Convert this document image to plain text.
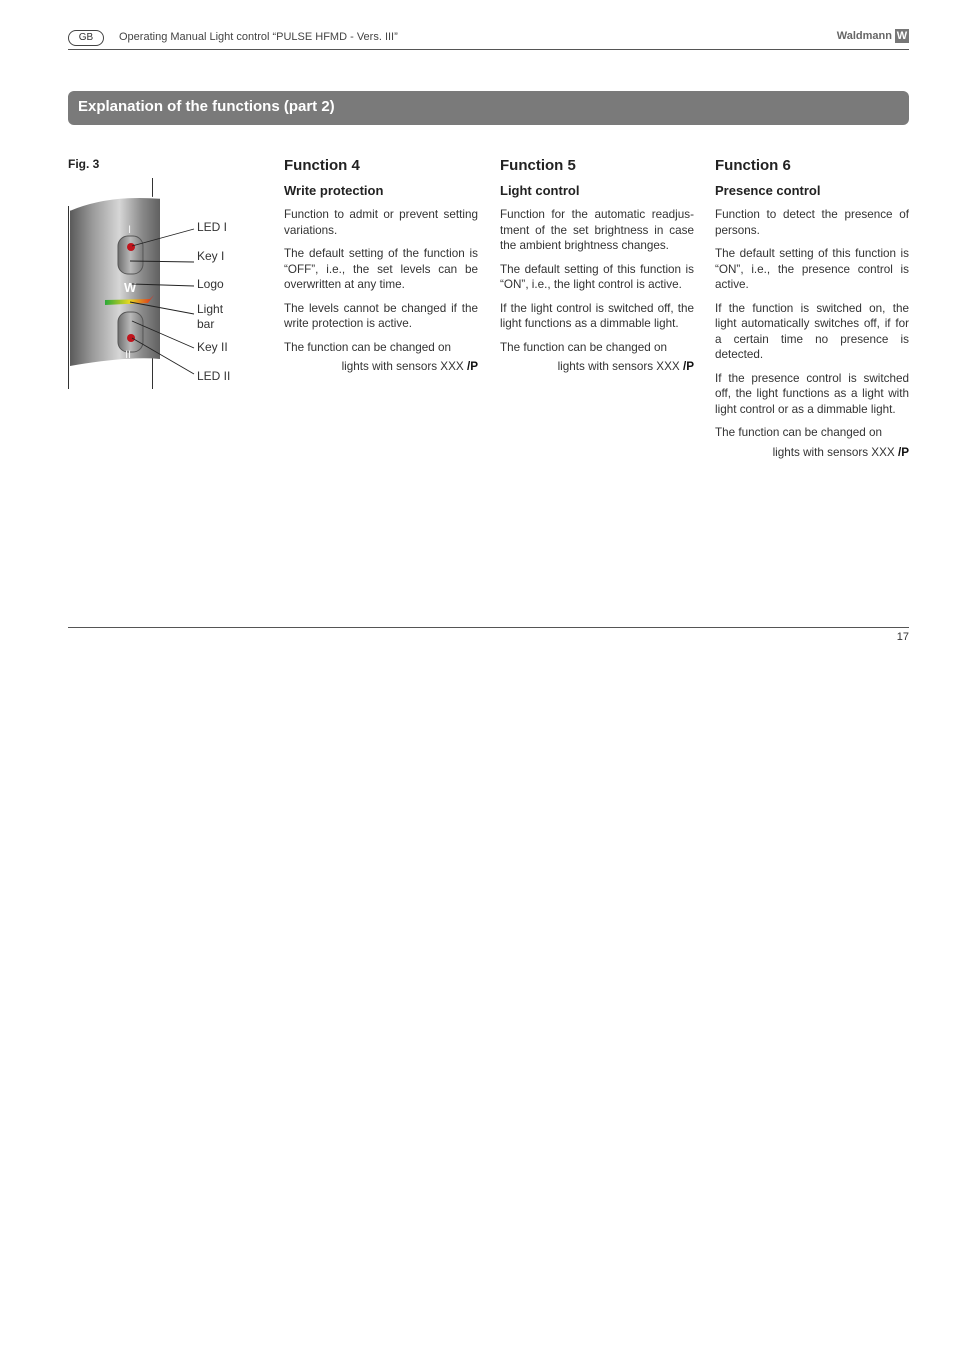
GB	Operating Manual Light control “PULSE HFMD - Vers. III”	Waldmann W
Explanation of the functions (part 2)
Fig. 3
I
W
II
LED I
Key I
Logo
Light
bar
Key II
LED II
Function 4
Write protection

Function to admit or prevent setting variations.

The default setting of the function is “OFF”, i.e., the set levels can be overwritten at any time.

The levels cannot be changed if the write protection is active.

The function can be changed on

lights with sensors XXX /P

Function 5
Light control

Function for the automatic readjus-tment of the set brightness in case the ambient brightness changes.

The default setting of this function is “ON”, i.e., the light control is active.

If the light control is switched off, the light functions as a dimmable light.

The function can be changed on

lights with sensors XXX /P

Function 6
Presence control

Function to detect the presence of persons.

The default setting of this function is “ON”, i.e., the presence control is active.

If the function is switched on, the light automatically switches off, if for a certain time no presence is detected.

If the presence control is switched off, the light functions as a light with light control or as a dimmable light.

The function can be changed on

lights with sensors XXX /P

17
